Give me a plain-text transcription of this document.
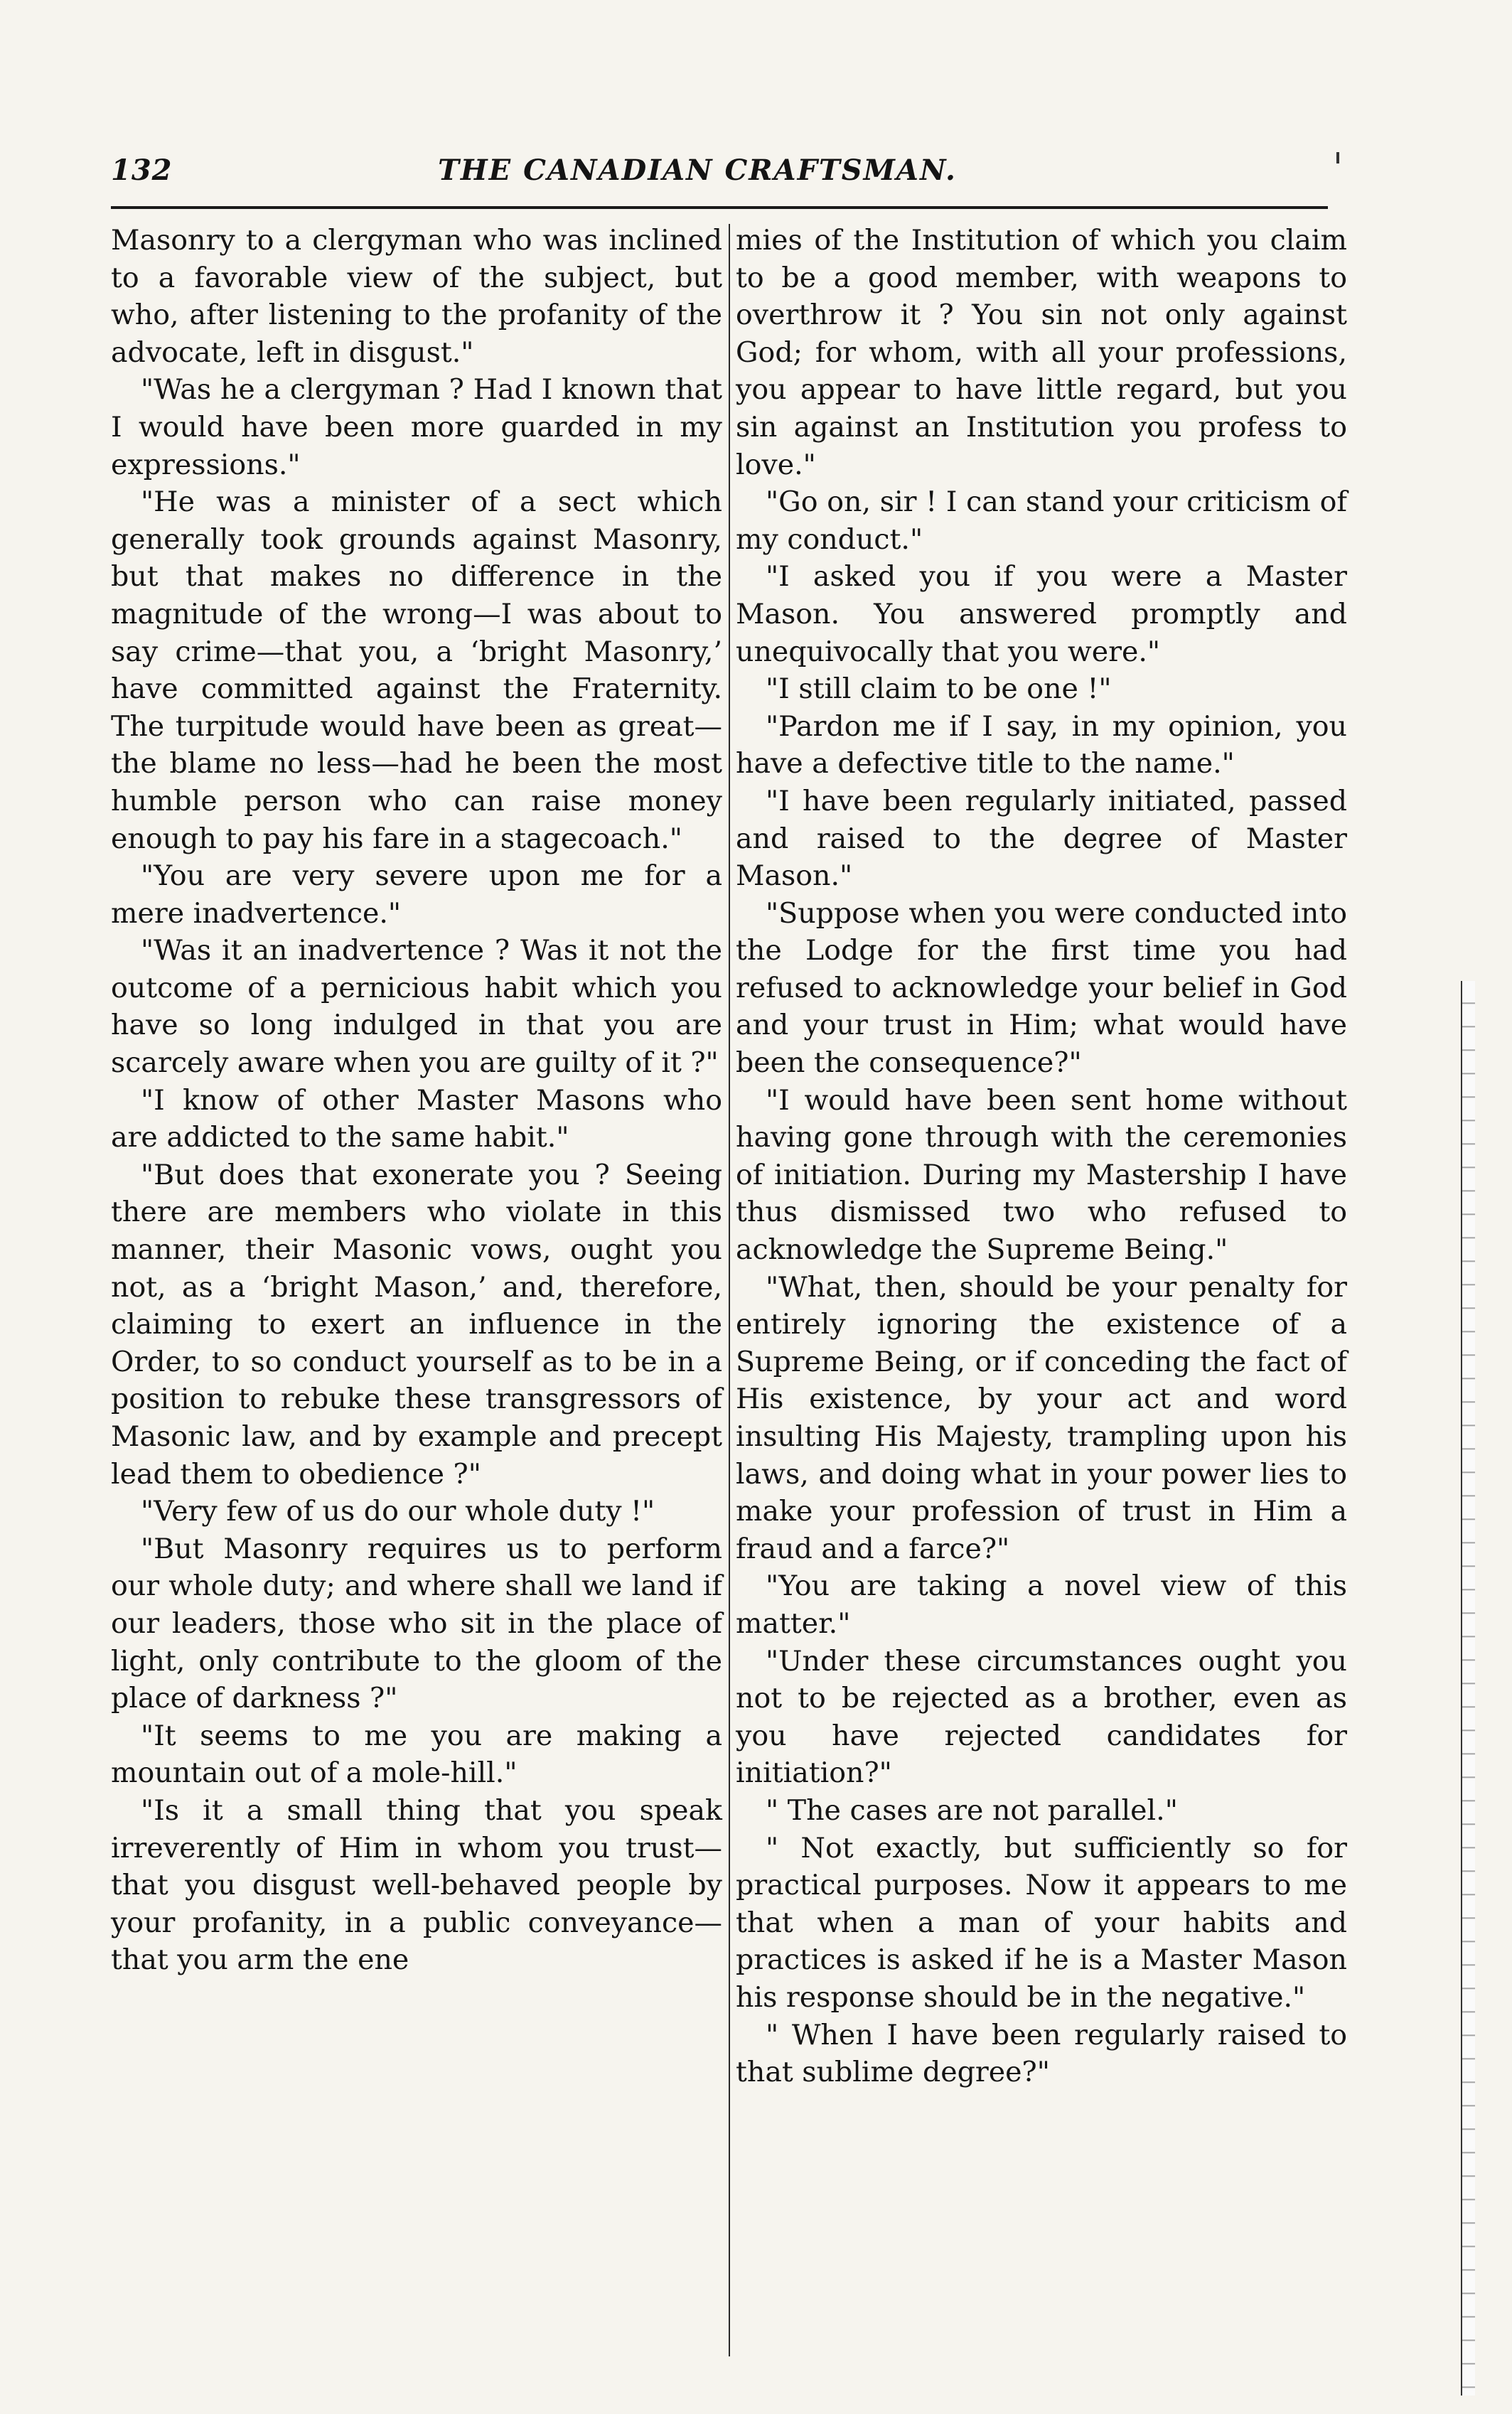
132	THE CANADIAN CRAFTSMAN.

Masonry to a clergyman who was inclined to a favorable view of the subject, but who, after listening to the profanity of the advocate, left in disgust."

"Was he a clergyman ? Had I known that I would have been more guarded in my expressions."

"He was a minister of a sect which generally took grounds against Masonry, but that makes no difference in the magnitude of the wrong—I was about to say crime—that you, a ‘bright Masonry,’ have committed against the Fraternity. The turpitude would have been as great—the blame no less—had he been the most humble person who can raise money enough to pay his fare in a stagecoach."

"You are very severe upon me for a mere inadvertence."

"Was it an inadvertence ? Was it not the outcome of a pernicious habit which you have so long indulged in that you are scarcely aware when you are guilty of it ?"

"I know of other Master Masons who are addicted to the same habit."

"But does that exonerate you ? Seeing there are members who violate in this manner, their Masonic vows, ought you not, as a ‘bright Mason,’ and, therefore, claiming to exert an influence in the Order, to so conduct yourself as to be in a position to rebuke these transgressors of Masonic law, and by example and precept lead them to obedience ?"

"Very few of us do our whole duty !"

"But Masonry requires us to perform our whole duty; and where shall we land if our leaders, those who sit in the place of light, only contribute to the gloom of the place of darkness ?"

"It seems to me you are making a mountain out of a mole-hill."

"Is it a small thing that you speak irreverently of Him in whom you trust—that you disgust well-behaved people by your profanity, in a public conveyance—that you arm the ene

mies of the Institution of which you claim to be a good member, with weapons to overthrow it ? You sin not only against God; for whom, with all your professions, you appear to have little regard, but you sin against an Institution you profess to love."

"Go on, sir ! I can stand your criticism of my conduct."

"I asked you if you were a Master Mason. You answered promptly and unequivocally that you were."

"I still claim to be one !"

"Pardon me if I say, in my opinion, you have a defective title to the name."

"I have been regularly initiated, passed and raised to the degree of Master Mason."

"Suppose when you were conducted into the Lodge for the first time you had refused to acknowledge your belief in God and your trust in Him; what would have been the consequence?"

"I would have been sent home without having gone through with the ceremonies of initiation. During my Mastership I have thus dismissed two who refused to acknowledge the Supreme Being."

"What, then, should be your penalty for entirely ignoring the existence of a Supreme Being, or if conceding the fact of His existence, by your act and word insulting His Majesty, trampling upon his laws, and doing what in your power lies to make your profession of trust in Him a fraud and a farce?"

"You are taking a novel view of this matter."

"Under these circumstances ought you not to be rejected as a brother, even as you have rejected candidates for initiation?"

" The cases are not parallel."

" Not exactly, but sufficiently so for practical purposes. Now it appears to me that when a man of your habits and practices is asked if he is a Master Mason his response should be in the negative."

" When I have been regularly raised to that sublime degree?"
